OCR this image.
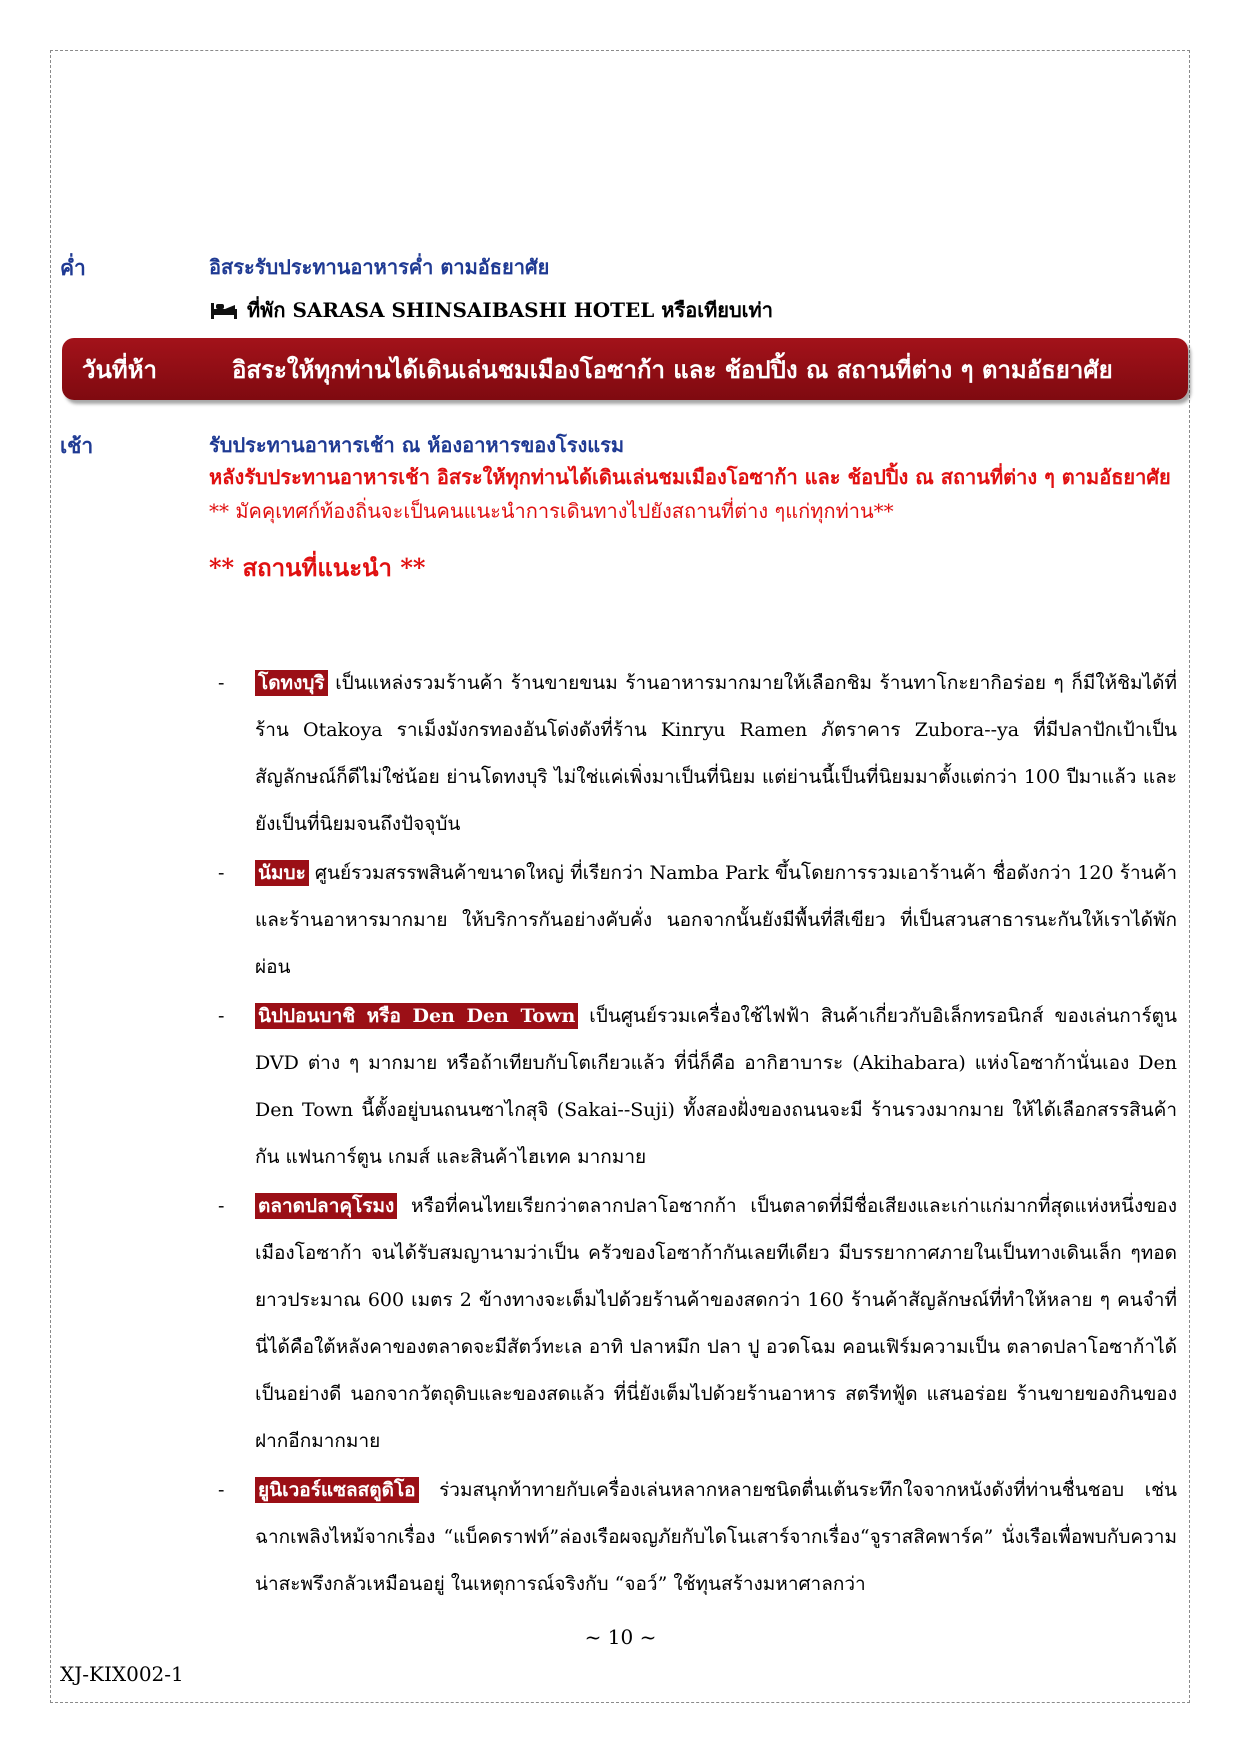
ค่ำ	อิสระรับประทานอาหารค่ำ ตามอัธยาศัย
ที่พัก SARASA SHINSAIBASHI HOTEL หรือเทียบเท่า
วันที่ห้า	อิสระให้ทุกท่านได้เดินเล่นชมเมืองโอซาก้า และ ช้อปปิ้ง ณ สถานที่ต่าง ๆ ตามอัธยาศัย
เช้า	รับประทานอาหารเช้า ณ ห้องอาหารของโรงแรม
หลังรับประทานอาหารเช้า อิสระให้ทุกท่านได้เดินเล่นชมเมืองโอซาก้า และ ช้อปปิ้ง ณ สถานที่ต่าง ๆ ตามอัธยาศัย
** มัคคุเทศก์ท้องถิ่นจะเป็นคนแนะนำการเดินทางไปยังสถานที่ต่าง ๆแก่ทุกท่าน**
** สถานที่แนะนำ **
- โดทงบุริ เป็นแหล่งรวมร้านค้า ร้านขายขนม ร้านอาหารมากมายให้เลือกชิม ร้านทาโกะยากิอร่อย ๆ ก็มีให้ชิมได้ที่ร้าน Otakoya ราเม็งมังกรทองอันโด่งดังที่ร้าน Kinryu Ramen ภัตราคาร Zubora--ya ที่มีปลาปักเป้าเป็นสัญลักษณ์ก็ดีไม่ใช่น้อย ย่านโดทงบุริ ไม่ใช่แค่เพิ่งมาเป็นที่นิยม แต่ย่านนี้เป็นที่นิยมมาตั้งแต่กว่า 100 ปีมาแล้ว และยังเป็นที่นิยมจนถึงปัจจุบัน

- นัมบะ ศูนย์รวมสรรพสินค้าขนาดใหญ่ ที่เรียกว่า Namba Park ขึ้นโดยการรวมเอาร้านค้า ชื่อดังกว่า 120 ร้านค้า และร้านอาหารมากมาย ให้บริการกันอย่างคับคั่ง นอกจากนั้นยังมีพื้นที่สีเขียว ที่เป็นสวนสาธารนะกันให้เราได้พักผ่อน

- นิปปอนบาชิ หรือ Den Den Town เป็นศูนย์รวมเครื่องใช้ไฟฟ้า สินค้าเกี่ยวกับอิเล็กทรอนิกส์ ของเล่นการ์ตูน DVD ต่าง ๆ มากมาย หรือถ้าเทียบกับโตเกียวแล้ว ที่นี่ก็คือ อากิฮาบาระ (Akihabara) แห่งโอซาก้านั่นเอง Den Den Town นี้ตั้งอยู่บนถนนซาไกสุจิ (Sakai--Suji) ทั้งสองฝั่งของถนนจะมี ร้านรวงมากมาย ให้ได้เลือกสรรสินค้ากัน แฟนการ์ตูน เกมส์ และสินค้าไฮเทค มากมาย

- ตลาดปลาคุโรมง หรือที่คนไทยเรียกว่าตลากปลาโอซากก้า เป็นตลาดที่มีชื่อเสียงและเก่าแก่มากที่สุดแห่งหนึ่งของเมืองโอซาก้า จนได้รับสมญานามว่าเป็น ครัวของโอซาก้ากันเลยทีเดียว มีบรรยากาศภายในเป็นทางเดินเล็ก ๆทอดยาวประมาณ 600 เมตร 2 ข้างทางจะเต็มไปด้วยร้านค้าของสดกว่า 160 ร้านค้าสัญลักษณ์ที่ทำให้หลาย ๆ คนจำที่นี่ได้คือใต้หลังคาของตลาดจะมีสัตว์ทะเล อาทิ ปลาหมึก ปลา ปู อวดโฉม คอนเฟิร์มความเป็น ตลาดปลาโอซาก้าได้เป็นอย่างดี นอกจากวัตถุดิบและของสดแล้ว ที่นี่ยังเต็มไปด้วยร้านอาหาร สตรีทฟู้ด แสนอร่อย ร้านขายของกินของฝากอีกมากมาย

- ยูนิเวอร์แซลสตูดิโอ ร่วมสนุกท้าทายกับเครื่องเล่นหลากหลายชนิดตื่นเต้นระทึกใจจากหนังดังที่ท่านชื่นชอบ เช่น ฉากเพลิงไหม้จากเรื่อง “แบ็คดราฟท์”ล่องเรือผจญภัยกับไดโนเสาร์จากเรื่อง“จูราสสิคพาร์ค” นั่งเรือเพื่อพบกับความน่าสะพรึงกลัวเหมือนอยู่ ในเหตุการณ์จริงกับ “จอว์” ใช้ทุนสร้างมหาศาลกว่า

~ 10 ~
XJ-KIX002-1
